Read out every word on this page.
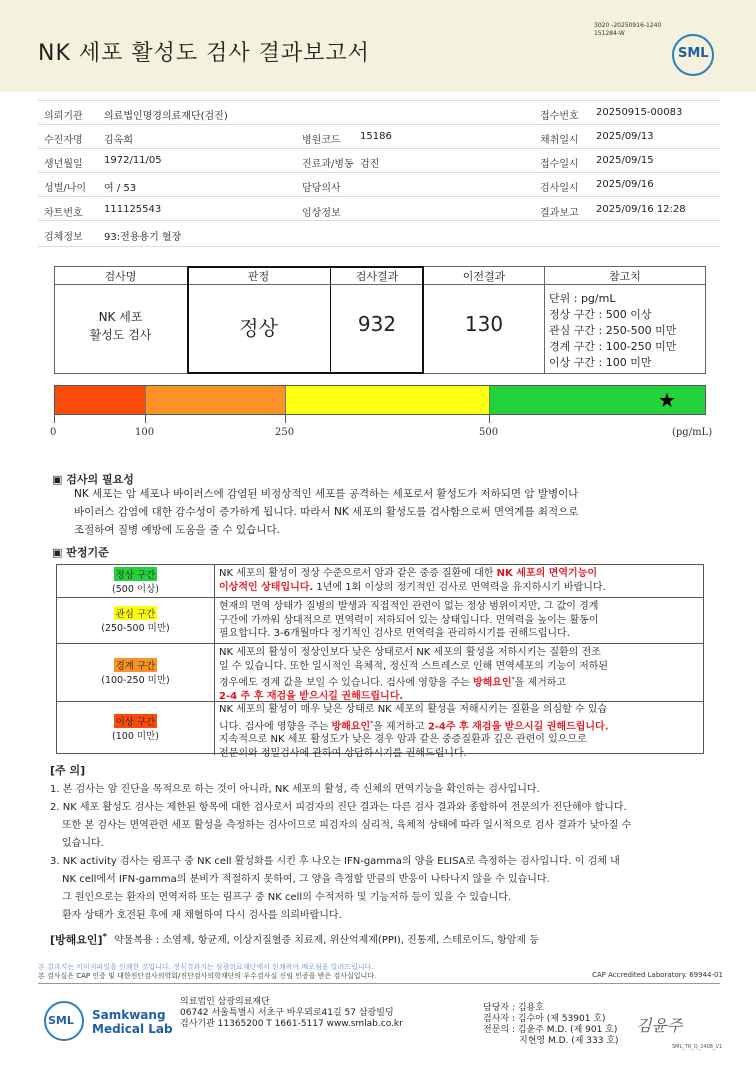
NK 세포 활성도 검사 결과보고서
3020 -20250916-1240
151284-W
SML
의뢰기관 의료법인명경의료재단(검진)	접수번호 20250915-00083
수진자명 김옥희	병원코드 15186	채취일시 2025/09/13
생년월일 1972/11/05	진료과/병동 검진	접수일시 2025/09/15
성별/나이 여 / 53	담당의사	검사일시 2025/09/16
차트번호 111125543	임상정보	결과보고 2025/09/16 12:28
검체정보 93:전용용기 혈장
검사명	판정	검사결과	이전결과	참고치
NK 세포
활성도 검사	정상	932	130
단위 : pg/mL
정상 구간 : 500 이상
관심 구간 : 250-500 미만
경계 구간 : 100-250 미만
이상 구간 : 100 미만
★
0	100	250	500	(pg/mL)
▣ 검사의 필요성
NK 세포는 암 세포나 바이러스에 감염된 비정상적인 세포를 공격하는 세포로서 활성도가 저하되면 암 발병이나
바이러스 감염에 대한 감수성이 증가하게 됩니다. 따라서 NK 세포의 활성도를 검사함으로써 면역계를 최적으로
조절하여 질병 예방에 도움을 줄 수 있습니다.
▣ 판정기준
정상 구간
(500 이상)
NK 세포의 활성이 정상 수준으로서 암과 같은 중증 질환에 대한 NK 세포의 면역기능이
이상적인 상태입니다. 1년에 1회 이상의 정기적인 검사로 면역력을 유지하시기 바랍니다.
관심 구간
(250-500 미만)
현재의 면역 상태가 질병의 발생과 직접적인 관련이 없는 정상 범위이지만, 그 값이 경계
구간에 가까워 상대적으로 면역력이 저하되어 있는 상태입니다. 면역력을 높이는 활동이
필요합니다. 3-6개월마다 정기적인 검사로 면역력을 관리하시기를 권해드립니다.
경계 구간
(100-250 미만)
NK 세포의 활성이 정상인보다 낮은 상태로서 NK 세포의 활성을 저하시키는 질환의 전조
일 수 있습니다. 또한 일시적인 육체적, 정신적 스트레스로 인해 면역세포의 기능이 저하된
경우에도 경계 값을 보일 수 있습니다. 검사에 영향을 주는 방해요인*을 제거하고
2-4 주 후 재검을 받으시길 권해드립니다.
이상 구간
(100 미만)
NK 세포의 활성이 매우 낮은 상태로 NK 세포의 활성을 저해시키는 질환을 의심할 수 있습
니다. 검사에 영향을 주는 방해요인*을 제거하고 2-4주 후 재검을 받으시길 권해드립니다.
지속적으로 NK 세포 활성도가 낮은 경우 암과 같은 중증질환과 깊은 관련이 있으므로
전문의와 정밀검사에 관하여 상담하시기를 권해드립니다.
[주 의]
1. 본 검사는 암 진단을 목적으로 하는 것이 아니라, NK 세포의 활성, 즉 신체의 면역기능을 확인하는 검사입니다.
2. NK 세포 활성도 검사는 제한된 항목에 대한 검사로서 피검자의 진단 결과는 다른 검사 결과와 종합하여 전문의가 진단해야 합니다.
또한 본 검사는 면역관련 세포 활성을 측정하는 검사이므로 피검자의 심리적, 육체적 상태에 따라 일시적으로 검사 결과가 낮아질 수
있습니다.
3. NK activity 검사는 림프구 중 NK cell 활성화를 시킨 후 나오는 IFN-gamma의 양을 ELISA로 측정하는 검사입니다. 이 검체 내
NK cell에서 IFN-gamma의 분비가 적절하지 못하여, 그 양을 측정할 만큼의 반응이 나타나지 않을 수 있습니다.
그 원인으로는 환자의 면역저하 또는 림프구 중 NK cell의 수적저하 및 기능저하 등이 있을 수 있습니다.
환자 상태가 호전된 후에 재 채혈하여 다시 검사를 의뢰바랍니다.
[방해요인]* 약물복용 : 소염제, 항균제, 이상지질혈증 치료제, 위산억제제(PPI), 진통제, 스테로이드, 항암제 등
본 결과지는 이미지파일을 인쇄한 것입니다. 정식결과지는 삼광의료재단에서 인쇄하여 배포됨을 알려드립니다.
본 검사실은 CAP 인증 및 대한진단검사의학회/진단검사의학재단의 우수검사실 신임 인증을 받은 검사실입니다.	CAP Accredited Laboratory. 69944-01
SML Samkwang
Medical Lab
의료법인 삼광의료재단
06742 서울특별시 서초구 바우뫼로41길 57 삼광빌딩
검사기관 11365200 T 1661-5117 www.smlab.co.kr
담당자 : 김용호
검사자 : 김수아 (제 53901 호)
전문의 : 김윤주 M.D. (제 901 호)
지현영 M.D. (제 333 호)
김윤주
SML_TR_Q_2408_V1
